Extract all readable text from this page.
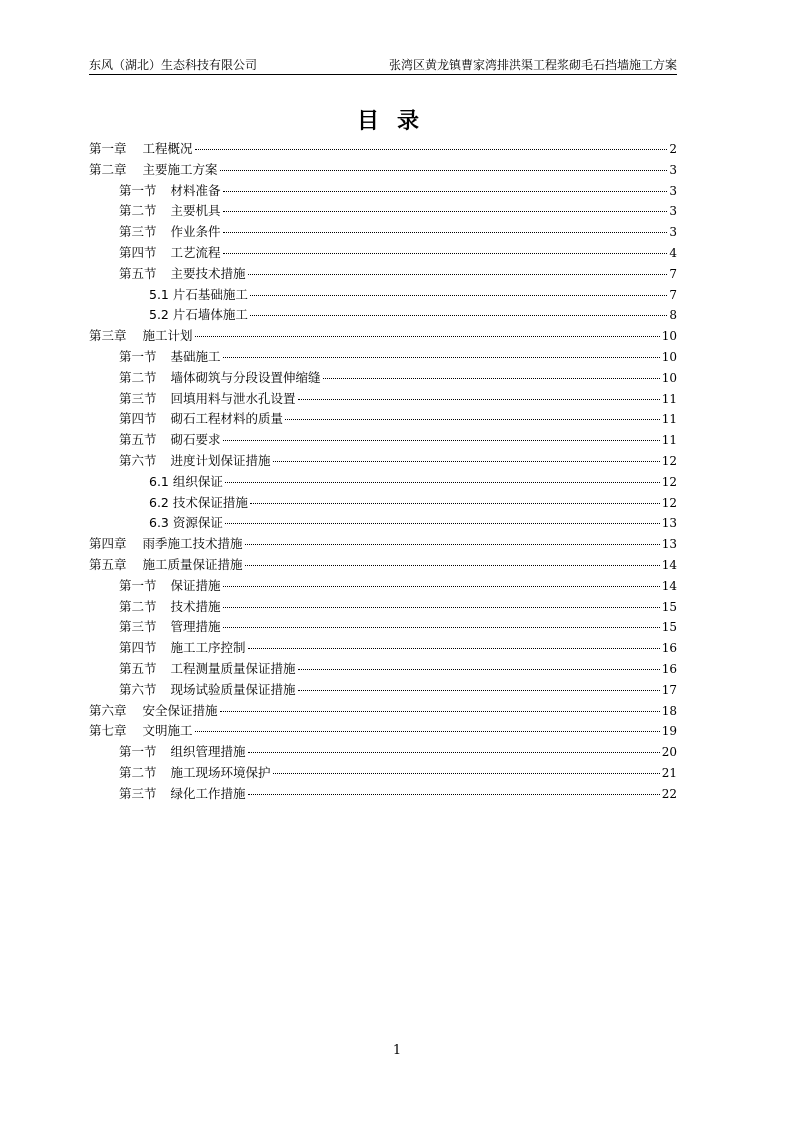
东风（湖北）生态科技有限公司	张湾区黄龙镇曹家湾排洪渠工程浆砌毛石挡墙施工方案
目录
第一章 工程概况	2
第二章 主要施工方案	3
第一节 材料准备	3
第二节 主要机具	3
第三节 作业条件	3
第四节 工艺流程	4
第五节 主要技术措施	7
5.1 片石基础施工	7
5.2 片石墙体施工	8
第三章 施工计划	10
第一节 基础施工	10
第二节 墙体砌筑与分段设置伸缩缝	10
第三节 回填用料与泄水孔设置	11
第四节 砌石工程材料的质量	11
第五节 砌石要求	11
第六节 进度计划保证措施	12
6.1 组织保证	12
6.2 技术保证措施	12
6.3 资源保证	13
第四章 雨季施工技术措施	13
第五章 施工质量保证措施	14
第一节 保证措施	14
第二节 技术措施	15
第三节 管理措施	15
第四节 施工工序控制	16
第五节 工程测量质量保证措施	16
第六节 现场试验质量保证措施	17
第六章 安全保证措施	18
第七章 文明施工	19
第一节 组织管理措施	20
第二节 施工现场环境保护	21
第三节 绿化工作措施	22
1
